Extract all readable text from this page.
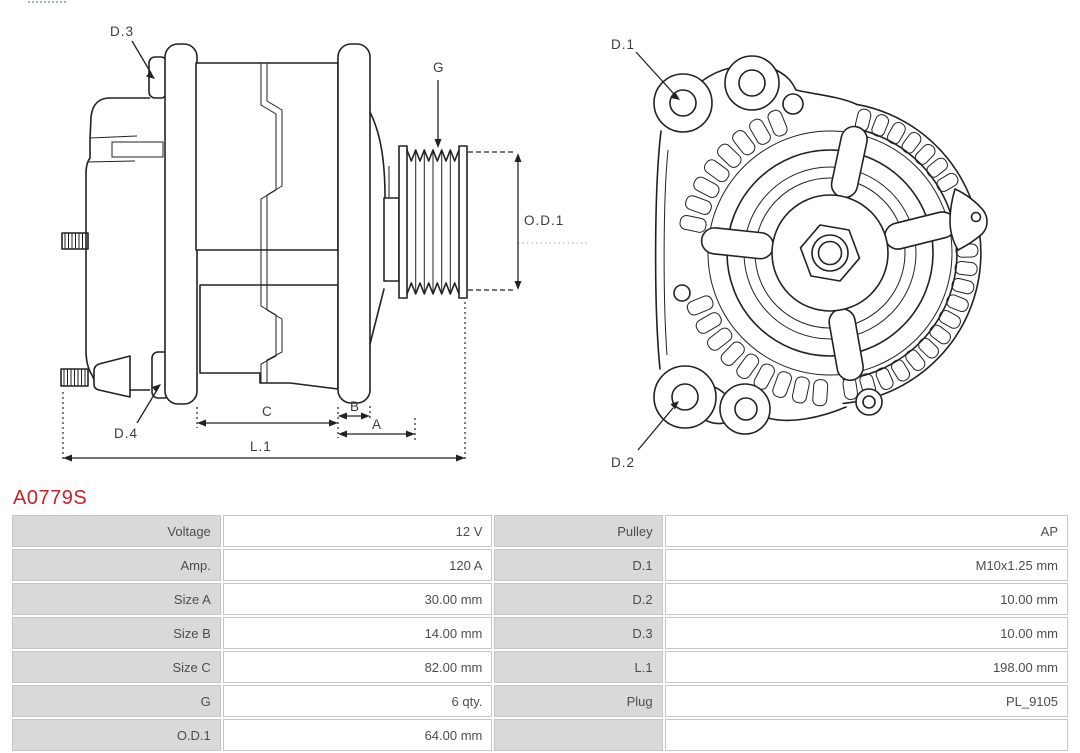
D.3
D.4
G
O.D.1
B
C
A
L.1
D.1
D.2
A0779S
Voltage	12 V	Pulley	AP
Amp.	120 A	D.1	M10x1.25 mm
Size A	30.00 mm	D.2	10.00 mm
Size B	14.00 mm	D.3	10.00 mm
Size C	82.00 mm	L.1	198.00 mm
G	6 qty.	Plug	PL_9105
O.D.1	64.00 mm		
